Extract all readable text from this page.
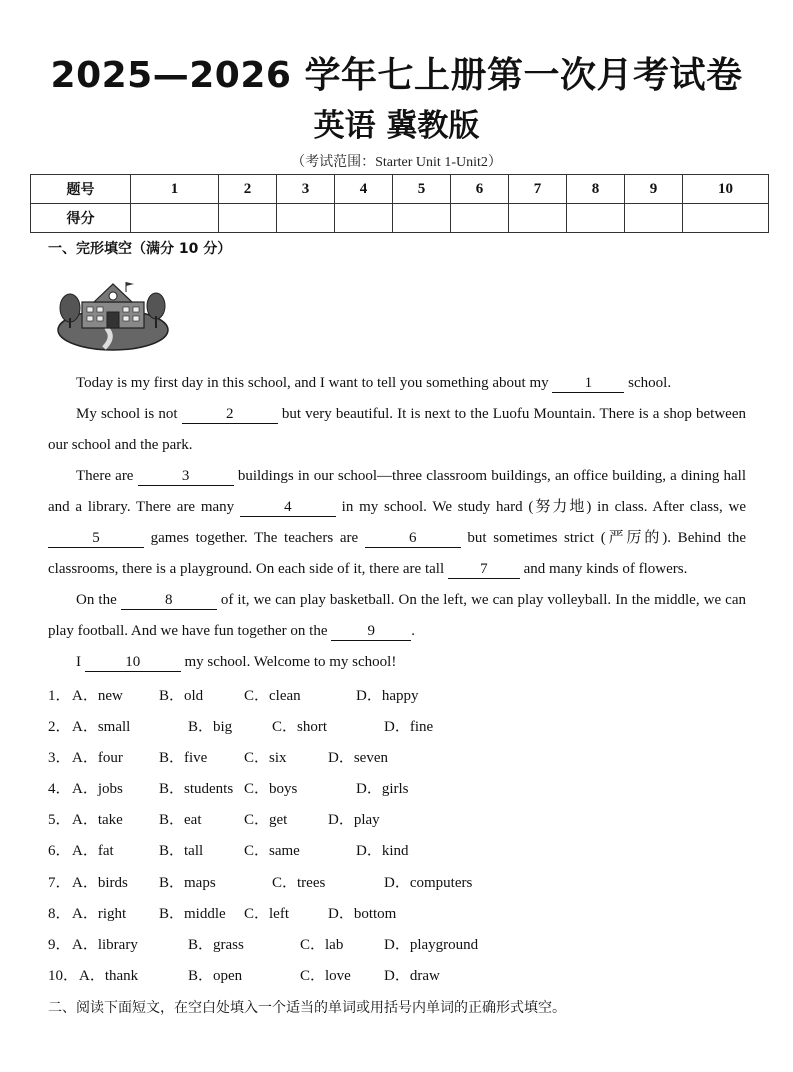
2025—2026 学年七上册第一次月考试卷
英语 冀教版
（考试范围：Starter Unit 1-Unit2）
题号	1	2	3	4	5	6	7	8	9	10
得分										
一、完形填空（满分 10 分）

Today is my first day in this school, and I want to tell you something about my 1 school.

My school is not	2	but very beautiful. It is next to the Luofu Mountain. There is a shop between our school and the park.

There are	3	buildings in our school—three classroom buildings, an office building, a dining hall and a library. There are many	4	in my school. We study hard (努力地) in class. After class, we 5	games together. The teachers are	6	but sometimes strict (严厉的). Behind the classrooms, there is a playground. On each side of it, there are tall 7 and many kinds of flowers.

On the	8	of it, we can play basketball. On the left, we can play volleyball. In the middle, we can play football. And we have fun together on the 9 .

I	10	my school. Welcome to my school!

1． A．new B．old	C．clean	D．happy
2． A．small	B．big	C．short	D．fine
3． A．four B．five C．six	D．seven
4． A．jobs B．students C．boys	D．girls
5． A．take B．eat	C．get	D．play
6． A．fat	B．tall	C．same	D．kind
7． A．birds B．maps	C．trees	D．computers
8． A．right B．middle C．left	D．bottom
9． A．library	B．grass	C．lab	D．playground
10． A．thank	B．open	C．love D．draw
二、阅读下面短文，在空白处填入一个适当的单词或用括号内单词的正确形式填空。
